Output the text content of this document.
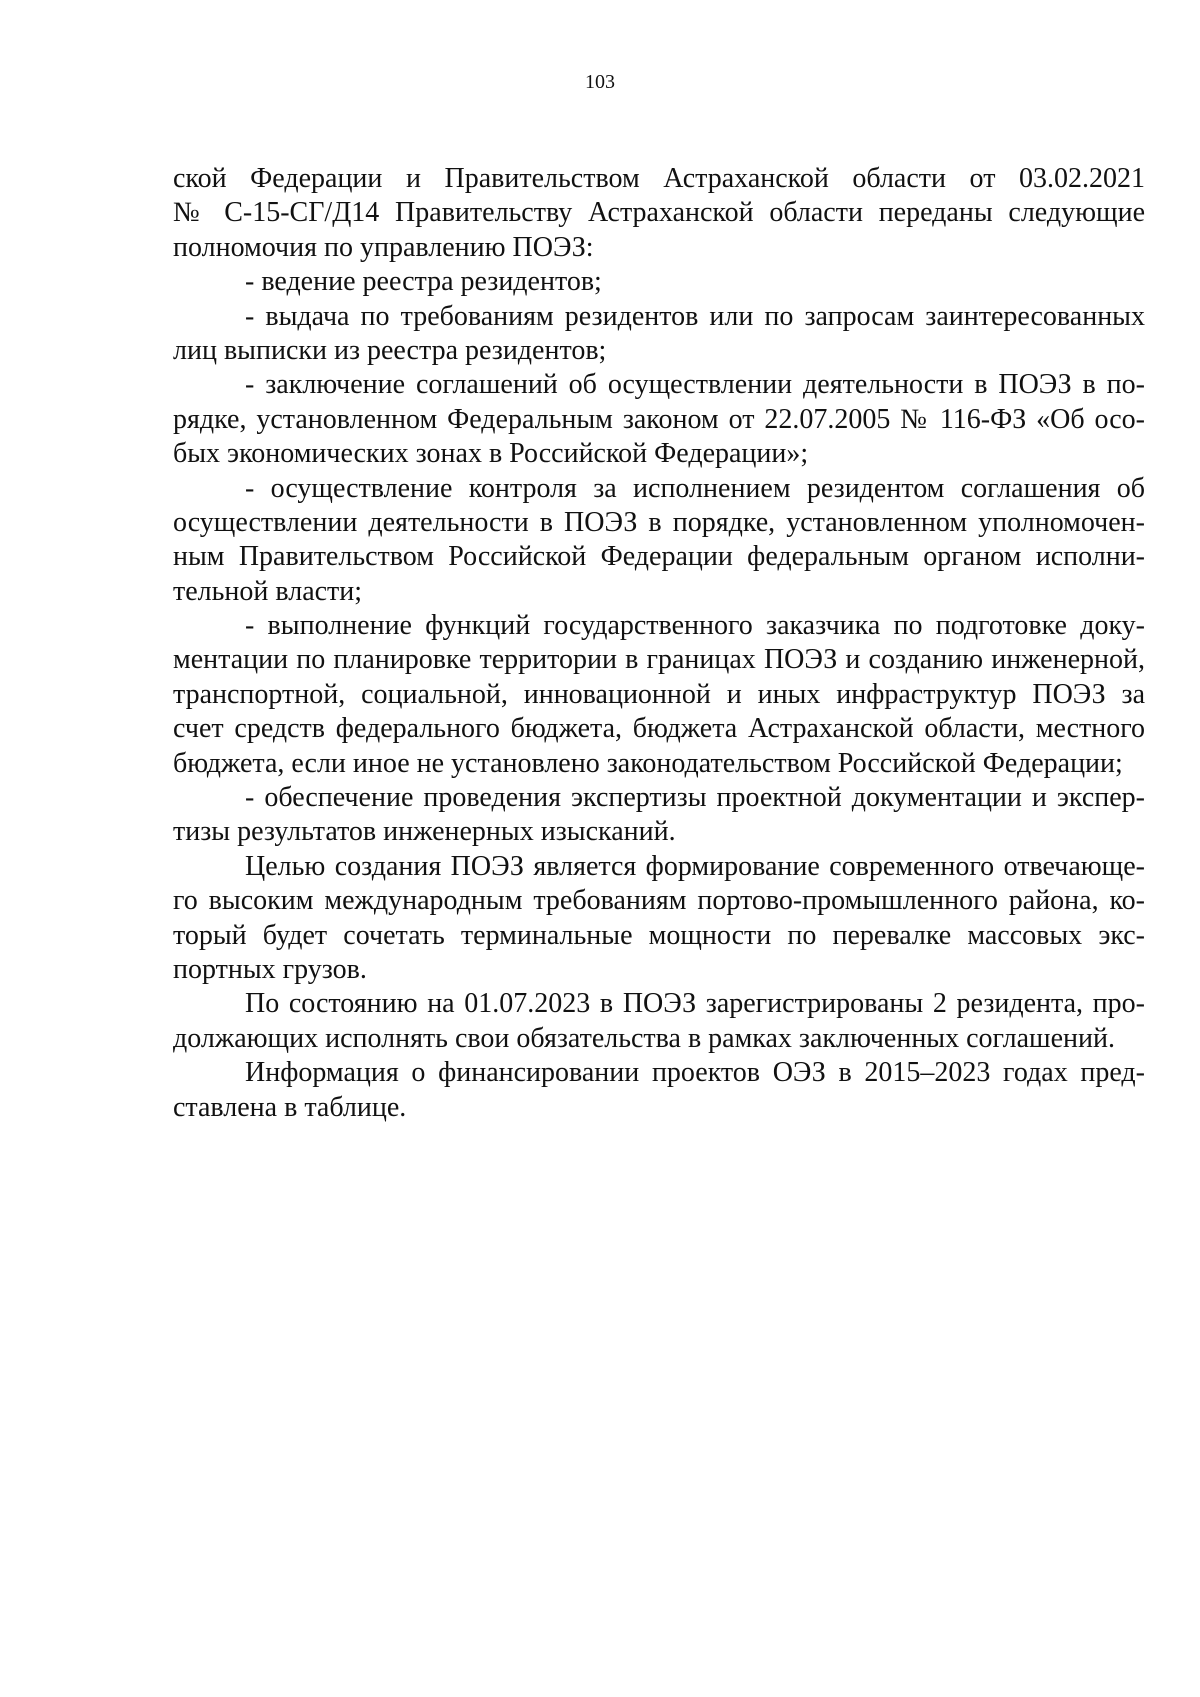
103
ской Федерации и Правительством Астраханской области от 03.02.2021
№ С-15-СГ/Д14 Правительству Астраханской области переданы следующие
полномочия по управлению ПОЭЗ:
- ведение реестра резидентов;
- выдача по требованиям резидентов или по запросам заинтересованных
лиц выписки из реестра резидентов;
- заключение соглашений об осуществлении деятельности в ПОЭЗ в по-
рядке, установленном Федеральным законом от 22.07.2005 № 116-ФЗ «Об осо-
бых экономических зонах в Российской Федерации»;
- осуществление контроля за исполнением резидентом соглашения об
осуществлении деятельности в ПОЭЗ в порядке, установленном уполномочен-
ным Правительством Российской Федерации федеральным органом исполни-
тельной власти;
- выполнение функций государственного заказчика по подготовке доку-
ментации по планировке территории в границах ПОЭЗ и созданию инженерной,
транспортной, социальной, инновационной и иных инфраструктур ПОЭЗ за
счет средств федерального бюджета, бюджета Астраханской области, местного
бюджета, если иное не установлено законодательством Российской Федерации;
- обеспечение проведения экспертизы проектной документации и экспер-
тизы результатов инженерных изысканий.
Целью создания ПОЭЗ является формирование современного отвечающе-
го высоким международным требованиям портово-промышленного района, ко-
торый будет сочетать терминальные мощности по перевалке массовых экс-
портных грузов.
По состоянию на 01.07.2023 в ПОЭЗ зарегистрированы 2 резидента, про-
должающих исполнять свои обязательства в рамках заключенных соглашений.
Информация о финансировании проектов ОЭЗ в 2015–2023 годах пред-
ставлена в таблице.
